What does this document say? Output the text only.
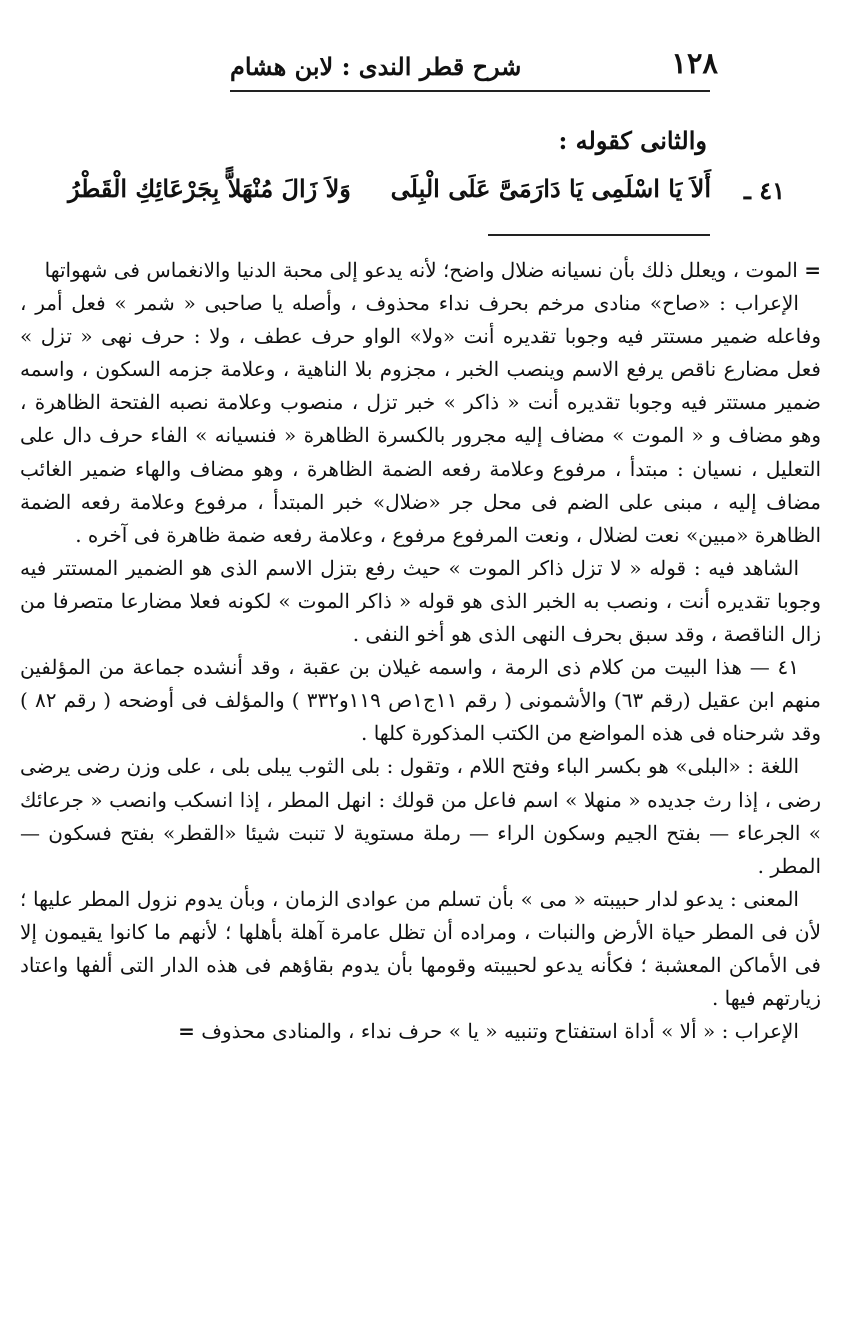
١٢٨
شرح قطر الندى : لابن هشام
والثانى كقوله :
٤١ ـ
أَلاَ يَا اسْلَمِى يَا دَارَمَىَّ عَلَى الْبِلَى
وَلاَ زَالَ مُنْهَلاًّ بِجَرْعَائِكِ الْقَطْرُ

= الموت ، ويعلل ذلك بأن نسيانه ضلال واضح؛ لأنه يدعو إلى محبة الدنيا والانغماس فى شهواتها

الإعراب : «صاح» منادى مرخم بحرف نداء محذوف ، وأصله يا صاحبى « شمر » فعل أمر ، وفاعله ضمير مستتر فيه وجوبا تقديره أنت «ولا» الواو حرف عطف ، ولا : حرف نهى « تزل » فعل مضارع ناقص يرفع الاسم وينصب الخبر ، مجزوم بلا الناهية ، وعلامة جزمه السكون ، واسمه ضمير مستتر فيه وجوبا تقديره أنت « ذاكر » خبر تزل ، منصوب وعلامة نصبه الفتحة الظاهرة ، وهو مضاف و « الموت » مضاف إليه مجرور بالكسرة الظاهرة « فنسيانه » الفاء حرف دال على التعليل ، نسيان : مبتدأ ، مرفوع وعلامة رفعه الضمة الظاهرة ، وهو مضاف والهاء ضمير الغائب مضاف إليه ، مبنى على الضم فى محل جر «ضلال» خبر المبتدأ ، مرفوع وعلامة رفعه الضمة الظاهرة «مبين» نعت لضلال ، ونعت المرفوع مرفوع ، وعلامة رفعه ضمة ظاهرة فى آخره .

الشاهد فيه : قوله « لا تزل ذاكر الموت » حيث رفع بتزل الاسم الذى هو الضمير المستتر فيه وجوبا تقديره أنت ، ونصب به الخبر الذى هو قوله « ذاكر الموت » لكونه فعلا مضارعا متصرفا من زال الناقصة ، وقد سبق بحرف النهى الذى هو أخو النفى .

٤١ — هذا البيت من كلام ذى الرمة ، واسمه غيلان بن عقبة ، وقد أنشده جماعة من المؤلفين منهم ابن عقيل (رقم ٦٣) والأشمونى ( رقم ١١ج١ص ١١٩و٣٣٢ ) والمؤلف فى أوضحه ( رقم ٨٢ ) وقد شرحناه فى هذه المواضع من الكتب المذكورة كلها .

اللغة : «البلى» هو بكسر الباء وفتح اللام ، وتقول : بلى الثوب يبلى بلى ، على وزن رضى يرضى رضى ، إذا رث جديده « منهلا » اسم فاعل من قولك : انهل المطر ، إذا انسكب وانصب « جرعائك » الجرعاء — بفتح الجيم وسكون الراء — رملة مستوية لا تنبت شيئا «القطر» بفتح فسكون — المطر .

المعنى : يدعو لدار حبيبته « مى » بأن تسلم من عوادى الزمان ، وبأن يدوم نزول المطر عليها ؛ لأن فى المطر حياة الأرض والنبات ، ومراده أن تظل عامرة آهلة بأهلها ؛ لأنهم ما كانوا يقيمون إلا فى الأماكن المعشبة ؛ فكأنه يدعو لحبيبته وقومها بأن يدوم بقاؤهم فى هذه الدار التى ألفها واعتاد زيارتهم فيها .

الإعراب : « ألا » أداة استفتاح وتنبيه « يا » حرف نداء ، والمنادى محذوف =
